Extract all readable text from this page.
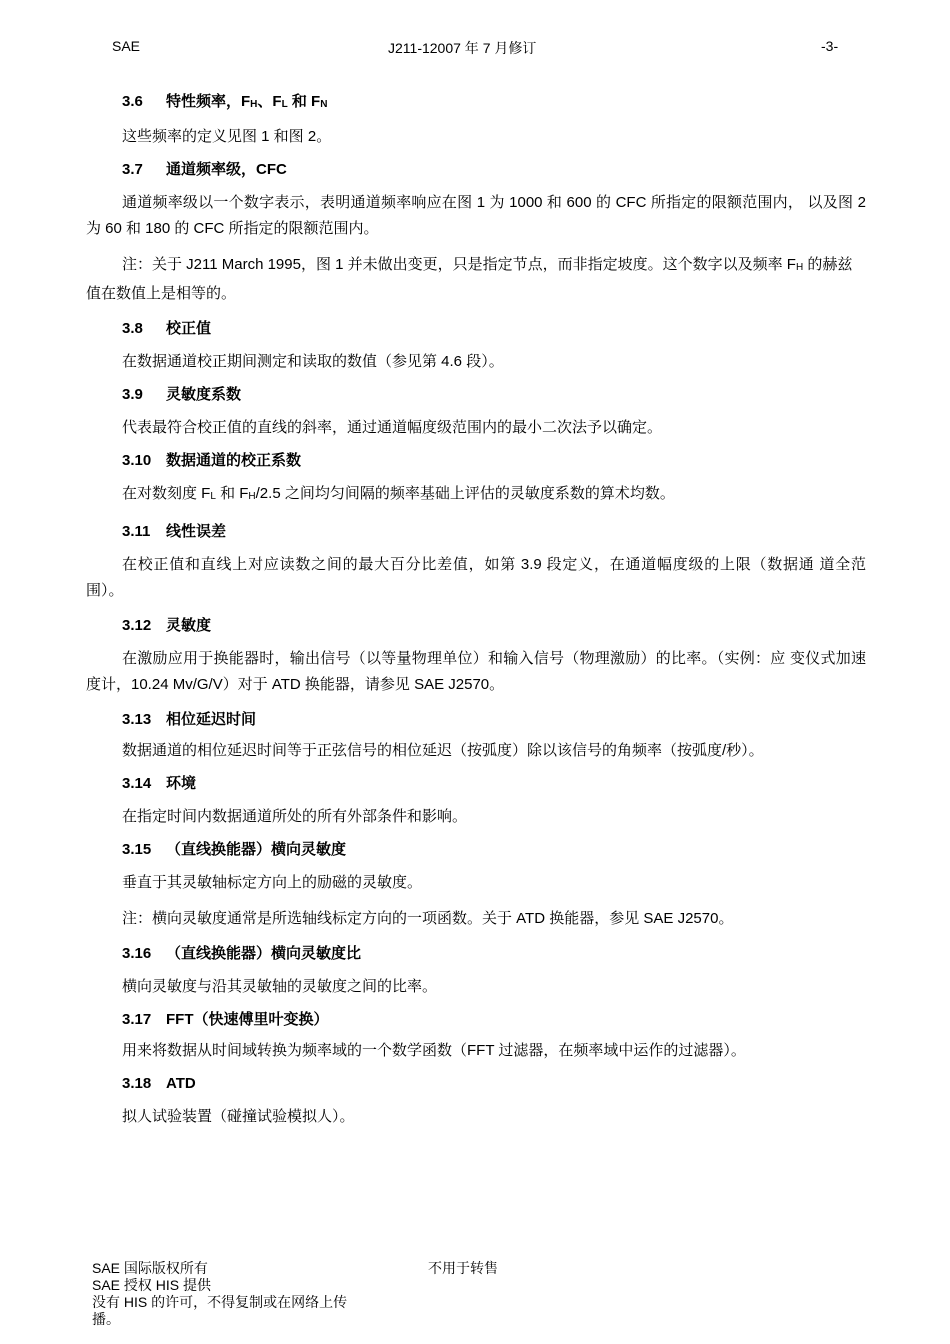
SAE	J211-12007 年 7 月修订	-3-
3.6 特性频率，$F_H$、$F_L$ 和 $F_N$
这些频率的定义见图 1 和图 2。
3.7 通道频率级，CFC
通道频率级以一个数字表示，表明通道频率响应在图 1 为 1000 和 600 的 CFC 所指定的限额范围内， 以及图 2 为 60 和 180 的 CFC 所指定的限额范围内。
注：关于 J211 March 1995，图 1 并未做出变更，只是指定节点，而非指定坡度。这个数字以及频率 $F_H$ 的赫兹值在数值上是相等的。
3.8 校正值
在数据通道校正期间测定和读取的数值（参见第 4.6 段）。
3.9 灵敏度系数
代表最符合校正值的直线的斜率，通过通道幅度级范围内的最小二次法予以确定。
3.10 数据通道的校正系数
在对数刻度 $F_L$ 和 $F_H/2.5$ 之间均匀间隔的频率基础上评估的灵敏度系数的算术均数。
3.11 线性误差
在校正值和直线上对应读数之间的最大百分比差值，如第 3.9 段定义，在通道幅度级的上限（数据通 道全范围）。
3.12 灵敏度
在激励应用于换能器时，输出信号（以等量物理单位）和输入信号（物理激励）的比率。（实例：应 变仪式加速度计，10.24 Mv/G/V）对于 ATD 换能器，请参见 SAE J2570。
3.13 相位延迟时间
数据通道的相位延迟时间等于正弦信号的相位延迟（按弧度）除以该信号的角频率（按弧度/秒）。
3.14 环境
在指定时间内数据通道所处的所有外部条件和影响。
3.15 （直线换能器）横向灵敏度
垂直于其灵敏轴标定方向上的励磁的灵敏度。
注：横向灵敏度通常是所选轴线标定方向的一项函数。关于 ATD 换能器，参见 SAE J2570。
3.16 （直线换能器）横向灵敏度比
横向灵敏度与沿其灵敏轴的灵敏度之间的比率。
3.17 FFT（快速傅里叶变换）
用来将数据从时间域转换为频率域的一个数学函数（FFT 过滤器，在频率域中运作的过滤器）。
3.18 ATD
拟人试验装置（碰撞试验模拟人）。
SAE 国际版权所有
SAE 授权 HIS 提供
没有 HIS 的许可，不得复制或在网络上传播。
不用于转售
